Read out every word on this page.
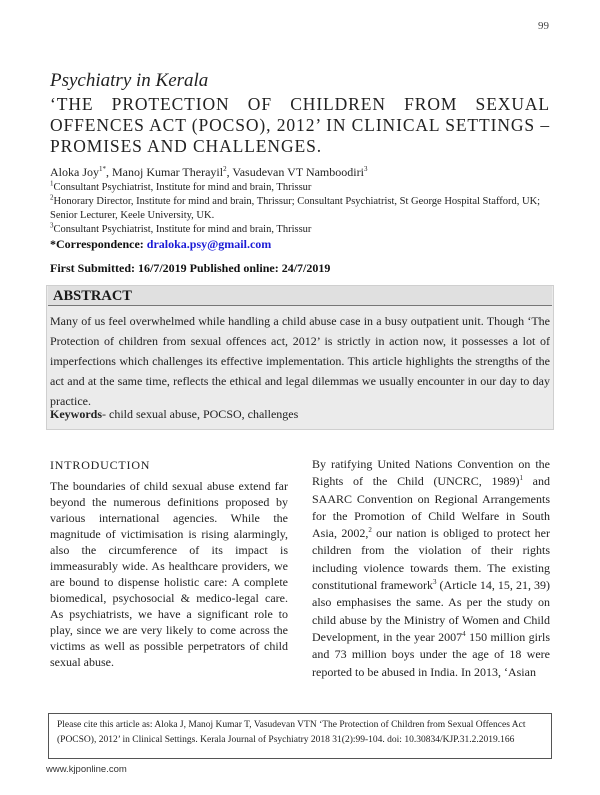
99
Psychiatry in Kerala
‘THE PROTECTION OF CHILDREN FROM SEXUAL OFFENCES ACT (POCSO), 2012’ IN CLINICAL SETTINGS – PROMISES AND CHALLENGES.
Aloka Joy$^{1*}$, Manoj Kumar Therayil$^2$, Vasudevan VT Namboodiri$^3$
$^1$Consultant Psychiatrist, Institute for mind and brain, Thrissur
$^2$Honorary Director, Institute for mind and brain, Thrissur; Consultant Psychiatrist, St George Hospital Stafford, UK; Senior Lecturer, Keele University, UK.
$^3$Consultant Psychiatrist, Institute for mind and brain, Thrissur
*Correspondence: draloka.psy@gmail.com
First Submitted: 16/7/2019 Published online: 24/7/2019
ABSTRACT
Many of us feel overwhelmed while handling a child abuse case in a busy outpatient unit. Though ‘The Protection of children from sexual offences act, 2012’ is strictly in action now, it possesses a lot of imperfections which challenges its effective implementation. This article highlights the strengths of the act and at the same time, reflects the ethical and legal dilemmas we usually encounter in our day to day practice.
Keywords- child sexual abuse, POCSO, challenges
INTRODUCTION
The boundaries of child sexual abuse extend far beyond the numerous definitions proposed by various international agencies. While the magnitude of victimisation is rising alarmingly, also the circumference of its impact is immeasurably wide. As healthcare providers, we are bound to dispense holistic care: A complete biomedical, psychosocial & medico-legal care. As psychiatrists, we have a significant role to play, since we are very likely to come across the victims as well as possible perpetrators of child sexual abuse.
By ratifying United Nations Convention on the Rights of the Child (UNCRC, 1989)$^1$ and SAARC Convention on Regional Arrangements for the Promotion of Child Welfare in South Asia, 2002,$^2$ our nation is obliged to protect her children from the violation of their rights including violence towards them. The existing constitutional framework$^3$ (Article 14, 15, 21, 39) also emphasises the same. As per the study on child abuse by the Ministry of Women and Child Development, in the year 2007$^4$ 150 million girls and 73 million boys under the age of 18 were reported to be abused in India. In 2013, ‘Asian
Please cite this article as: Aloka J, Manoj Kumar T, Vasudevan VTN ‘The Protection of Children from Sexual Offences Act (POCSO), 2012’ in Clinical Settings. Kerala Journal of Psychiatry 2018 31(2):99-104. doi: 10.30834/KJP.31.2.2019.166
www.kjponline.com
